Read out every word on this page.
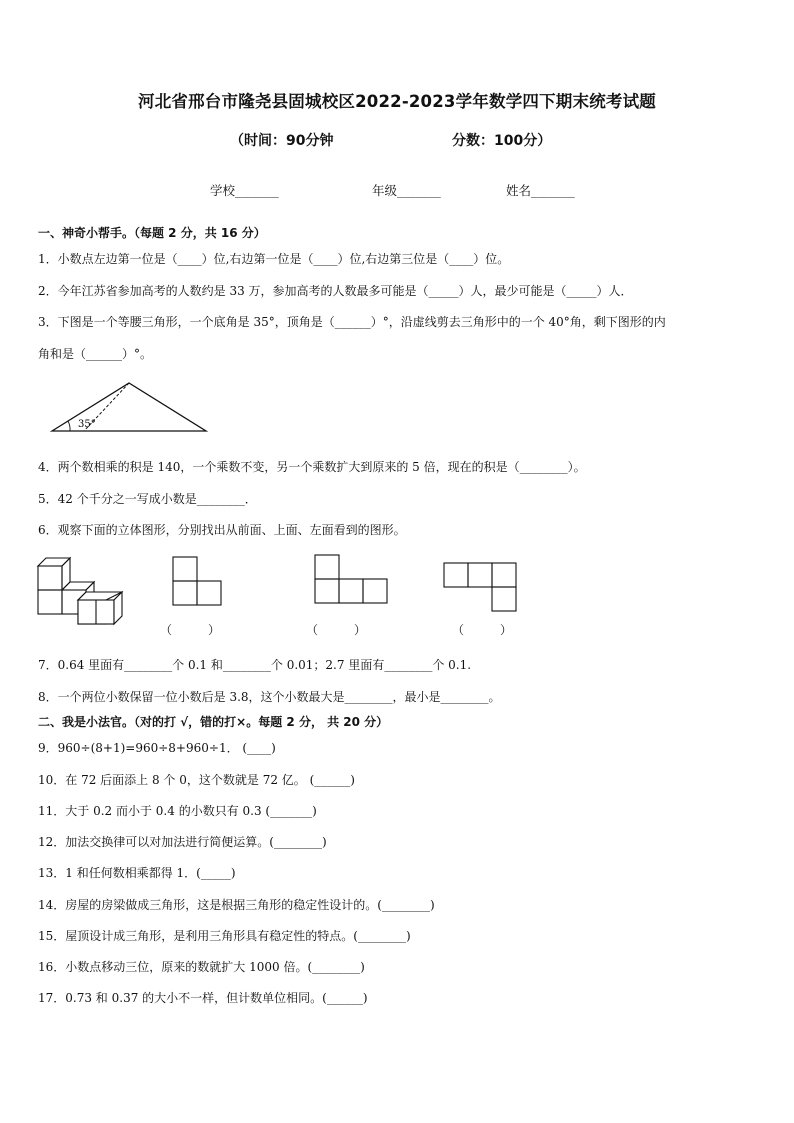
河北省邢台市隆尧县固城校区2022-2023学年数学四下期末统考试题
（时间：90分钟	分数：100分）
学校_______	年级_______	姓名_______
一、神奇小帮手。（每题 2 分，共 16 分）
1．小数点左边第一位是（____）位,右边第一位是（____）位,右边第三位是（____）位。
2．今年江苏省参加高考的人数约是 33 万，参加高考的人数最多可能是（_____）人，最少可能是（_____）人．
3．下图是一个等腰三角形，一个底角是 35°，顶角是（______）°，沿虚线剪去三角形中的一个 40°角，剩下图形的内
角和是（______）°。
35°
4．两个数相乘的积是 140，一个乘数不变，另一个乘数扩大到原来的 5 倍，现在的积是（________）。
5．42 个千分之一写成小数是________．
6．观察下面的立体图形，分别找出从前面、上面、左面看到的图形。
（　　　）	（　　　）	（　　　）
7．0.64 里面有________个 0.1 和________个 0.01；2.7 里面有________个 0.1.
8．一个两位小数保留一位小数后是 3.8，这个小数最大是________，最小是________。
二、我是小法官。（对的打 √，错的打×。每题 2 分， 共 20 分）
9．960÷(8+1)=960÷8+960÷1． (____)
10．在 72 后面添上 8 个 0，这个数就是 72 亿。 (______)
11．大于 0.2 而小于 0.4 的小数只有 0.3 (_______)
12．加法交换律可以对加法进行简便运算。(________)
13．1 和任何数相乘都得 1．(_____)
14．房屋的房梁做成三角形，这是根据三角形的稳定性设计的。(________)
15．屋顶设计成三角形，是利用三角形具有稳定性的特点。(________)
16．小数点移动三位，原来的数就扩大 1000 倍。(________)
17．0.73 和 0.37 的大小不一样，但计数单位相同。(______)
